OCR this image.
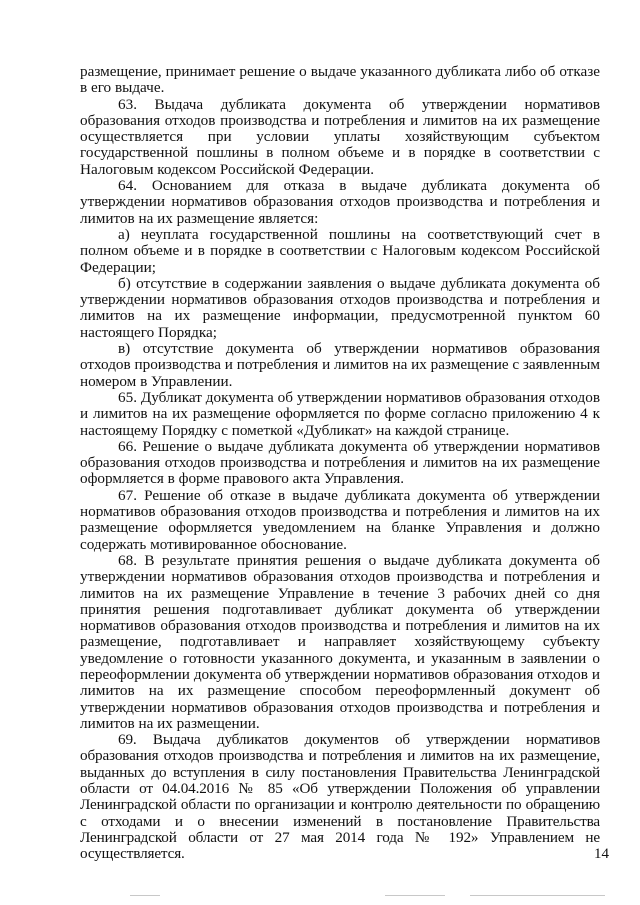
размещение, принимает решение о выдаче указанного дубликата либо об отказе в его выдаче.

63. Выдача дубликата документа об утверждении нормативов образования отходов производства и потребления и лимитов на их размещение осуществляется при условии уплаты хозяйствующим субъектом государственной пошлины в полном объеме и в порядке в соответствии с Налоговым кодексом Российской Федерации.

64. Основанием для отказа в выдаче дубликата документа об утверждении нормативов образования отходов производства и потребления и лимитов на их размещение является:

а) неуплата государственной пошлины на соответствующий счет в полном объеме и в порядке в соответствии с Налоговым кодексом Российской Федерации;

б) отсутствие в содержании заявления о выдаче дубликата документа об утверждении нормативов образования отходов производства и потребления и лимитов на их размещение информации, предусмотренной пунктом 60 настоящего Порядка;

в) отсутствие документа об утверждении нормативов образования отходов производства и потребления и лимитов на их размещение с заявленным номером в Управлении.

65. Дубликат документа об утверждении нормативов образования отходов и лимитов на их размещение оформляется по форме согласно приложению 4 к настоящему Порядку с пометкой «Дубликат» на каждой странице.

66. Решение о выдаче дубликата документа об утверждении нормативов образования отходов производства и потребления и лимитов на их размещение оформляется в форме правового акта Управления.

67. Решение об отказе в выдаче дубликата документа об утверждении нормативов образования отходов производства и потребления и лимитов на их размещение оформляется уведомлением на бланке Управления и должно содержать мотивированное обоснование.

68. В результате принятия решения о выдаче дубликата документа об утверждении нормативов образования отходов производства и потребления и лимитов на их размещение Управление в течение 3 рабочих дней со дня принятия решения подготавливает дубликат документа об утверждении нормативов образования отходов производства и потребления и лимитов на их размещение, подготавливает и направляет хозяйствующему субъекту уведомление о готовности указанного документа, и указанным в заявлении о переоформлении документа об утверждении нормативов образования отходов и лимитов на их размещение способом переоформленный документ об утверждении нормативов образования отходов производства и потребления и лимитов на их размещении.

69. Выдача дубликатов документов об утверждении нормативов образования отходов производства и потребления и лимитов на их размещение, выданных до вступления в силу постановления Правительства Ленинградской области от 04.04.2016 № 85 «Об утверждении Положения об управлении Ленинградской области по организации и контролю деятельности по обращению с отходами и о внесении изменений в постановление Правительства Ленинградской области от 27 мая 2014 года № 192» Управлением не осуществляется.	14
